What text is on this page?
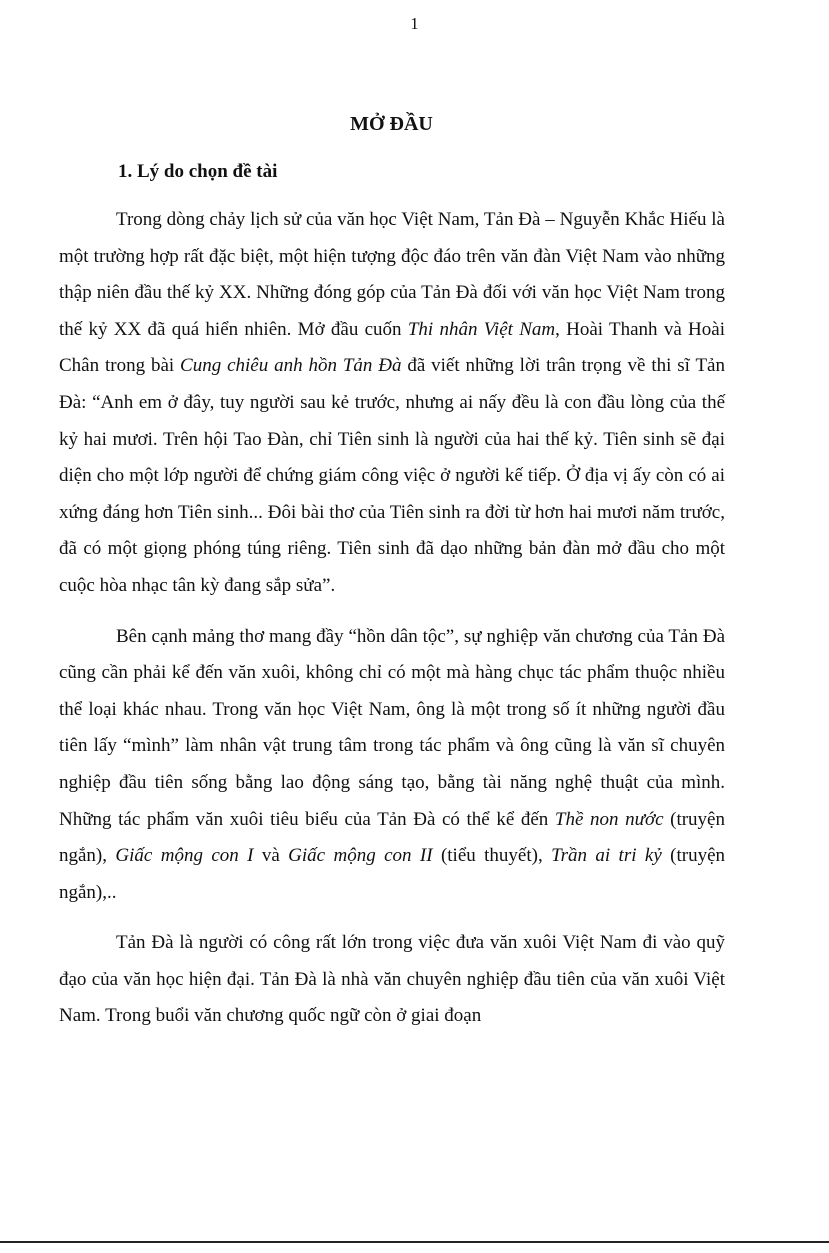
1
MỞ ĐẦU
1. Lý do chọn đề tài

Trong dòng chảy lịch sử của văn học Việt Nam, Tản Đà – Nguyễn Khắc Hiếu là một trường hợp rất đặc biệt, một hiện tượng độc đáo trên văn đàn Việt Nam vào những thập niên đầu thế kỷ XX. Những đóng góp của Tản Đà đối với văn học Việt Nam trong thế kỷ XX đã quá hiển nhiên. Mở đầu cuốn Thi nhân Việt Nam, Hoài Thanh và Hoài Chân trong bài Cung chiêu anh hồn Tản Đà đã viết những lời trân trọng về thi sĩ Tản Đà: “Anh em ở đây, tuy người sau kẻ trước, nhưng ai nấy đều là con đầu lòng của thế kỷ hai mươi. Trên hội Tao Đàn, chỉ Tiên sinh là người của hai thế kỷ. Tiên sinh sẽ đại diện cho một lớp người để chứng giám công việc ở người kế tiếp. Ở địa vị ấy còn có ai xứng đáng hơn Tiên sinh... Đôi bài thơ của Tiên sinh ra đời từ hơn hai mươi năm trước, đã có một giọng phóng túng riêng. Tiên sinh đã dạo những bản đàn mở đầu cho một cuộc hòa nhạc tân kỳ đang sắp sửa”.

Bên cạnh mảng thơ mang đầy “hồn dân tộc”, sự nghiệp văn chương của Tản Đà cũng cần phải kể đến văn xuôi, không chỉ có một mà hàng chục tác phẩm thuộc nhiều thể loại khác nhau. Trong văn học Việt Nam, ông là một trong số ít những người đầu tiên lấy “mình” làm nhân vật trung tâm trong tác phẩm và ông cũng là văn sĩ chuyên nghiệp đầu tiên sống bằng lao động sáng tạo, bằng tài năng nghệ thuật của mình. Những tác phẩm văn xuôi tiêu biểu của Tản Đà có thể kể đến Thề non nước (truyện ngắn), Giấc mộng con I và Giấc mộng con II (tiểu thuyết), Trần ai tri kỷ (truyện ngắn),..

Tản Đà là người có công rất lớn trong việc đưa văn xuôi Việt Nam đi vào quỹ đạo của văn học hiện đại. Tản Đà là nhà văn chuyên nghiệp đầu tiên của văn xuôi Việt Nam. Trong buổi văn chương quốc ngữ còn ở giai đoạn
